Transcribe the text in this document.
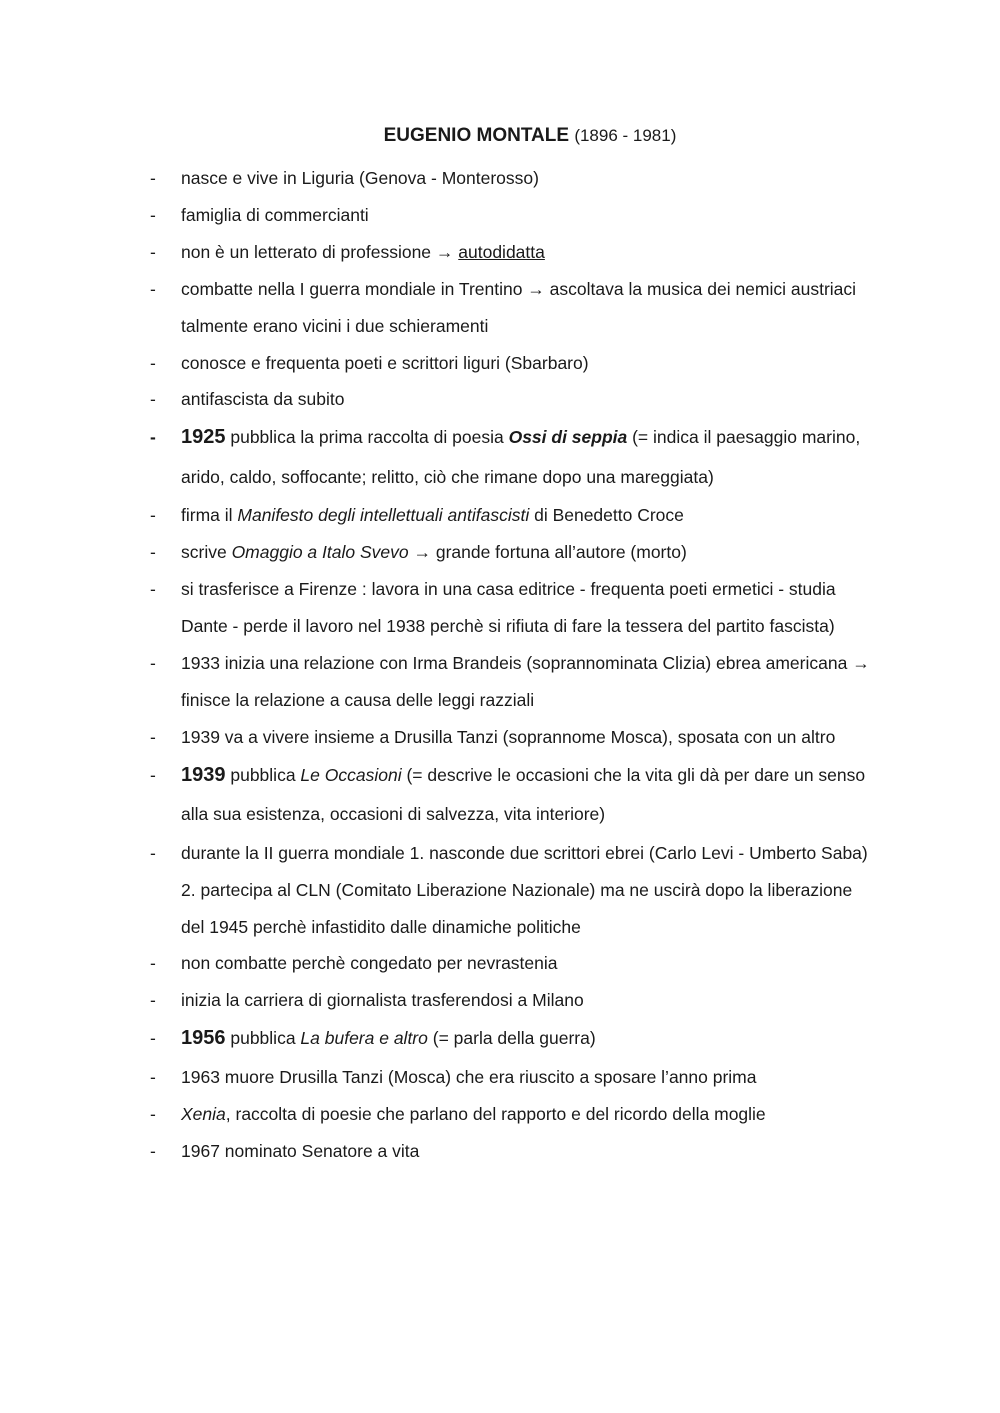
EUGENIO MONTALE (1896 - 1981)
- nasce e vive in Liguria (Genova - Monterosso)
- famiglia di commercianti
- non è un letterato di professione → autodidatta
- combatte nella I guerra mondiale in Trentino → ascoltava la musica dei nemici austriaci talmente erano vicini i due schieramenti
- conosce e frequenta poeti e scrittori liguri (Sbarbaro)
- antifascista da subito
- 1925 pubblica la prima raccolta di poesia Ossi di seppia (= indica il paesaggio marino, arido, caldo, soffocante; relitto, ciò che rimane dopo una mareggiata)
- firma il Manifesto degli intellettuali antifascisti di Benedetto Croce
- scrive Omaggio a Italo Svevo → grande fortuna all’autore (morto)
- si trasferisce a Firenze : lavora in una casa editrice - frequenta poeti ermetici - studia Dante - perde il lavoro nel 1938 perchè si rifiuta di fare la tessera del partito fascista)
- 1933 inizia una relazione con Irma Brandeis (soprannominata Clizia) ebrea americana → finisce la relazione a causa delle leggi razziali
- 1939 va a vivere insieme a Drusilla Tanzi (soprannome Mosca), sposata con un altro
- 1939 pubblica Le Occasioni (= descrive le occasioni che la vita gli dà per dare un senso alla sua esistenza, occasioni di salvezza, vita interiore)
- durante la II guerra mondiale 1. nasconde due scrittori ebrei (Carlo Levi - Umberto Saba) 2. partecipa al CLN (Comitato Liberazione Nazionale) ma ne uscirà dopo la liberazione del 1945 perchè infastidito dalle dinamiche politiche
- non combatte perchè congedato per nevrastenia
- inizia la carriera di giornalista trasferendosi a Milano
- 1956 pubblica La bufera e altro (= parla della guerra)
- 1963 muore Drusilla Tanzi (Mosca) che era riuscito a sposare l’anno prima
- Xenia, raccolta di poesie che parlano del rapporto e del ricordo della moglie
- 1967 nominato Senatore a vita
